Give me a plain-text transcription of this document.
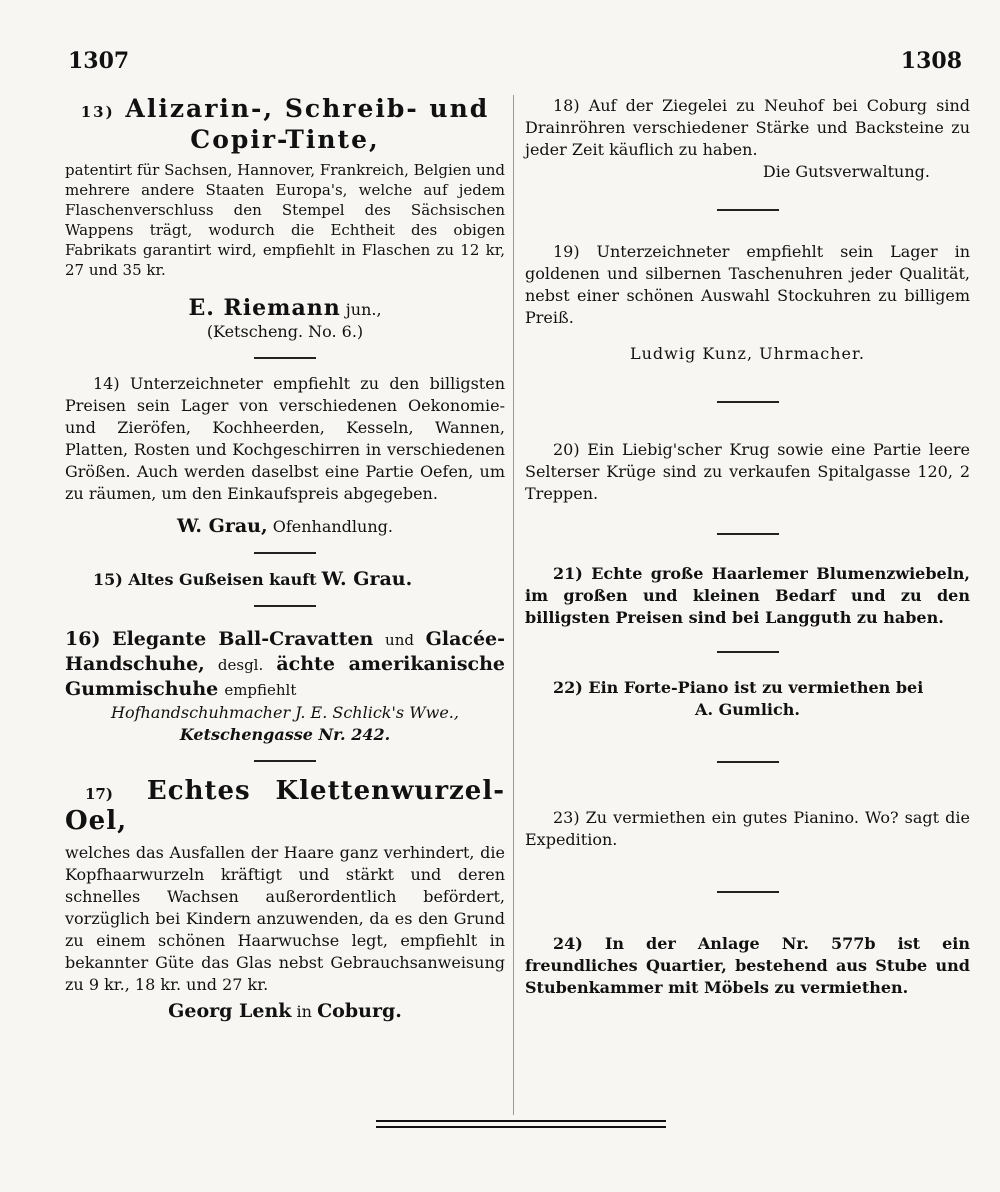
1307	1308
13) Alizarin-, Schreib- und
Copir-Tinte,

patentirt für Sachsen, Hannover, Frankreich, Belgien und mehrere andere Staaten Europa's, welche auf jedem Flaschenverschluss den Stempel des Sächsischen Wappens trägt, wodurch die Echtheit des obigen Fabrikats garantirt wird, empfiehlt in Flaschen zu 12 kr, 27 und 35 kr.

E. Riemann jun.,

(Ketscheng. No. 6.)

14) Unterzeichneter empfiehlt zu den billigsten Preisen sein Lager von verschiedenen Oekonomie- und Zieröfen, Kochheerden, Kesseln, Wannen, Platten, Rosten und Kochgeschirren in verschiedenen Größen. Auch werden daselbst eine Partie Oefen, um zu räumen, um den Einkaufspreis abgegeben.

W. Grau, Ofenhandlung.

15) Altes Gußeisen kauft W. Grau.

16) Elegante Ball-Cravatten und Glacée-Handschuhe, desgl. ächte amerikanische Gummischuhe empfiehlt

Hofhandschuhmacher J. E. Schlick's Wwe.,

Ketschengasse Nr. 242.

17) Echtes Klettenwurzel-Oel,

welches das Ausfallen der Haare ganz verhindert, die Kopfhaarwurzeln kräftigt und stärkt und deren schnelles Wachsen außerordentlich befördert, vorzüglich bei Kindern anzuwenden, da es den Grund zu einem schönen Haarwuchse legt, empfiehlt in bekannter Güte das Glas nebst Gebrauchsanweisung zu 9 kr., 18 kr. und 27 kr.

Georg Lenk in Coburg.

18) Auf der Ziegelei zu Neuhof bei Coburg sind Drainröhren verschiedener Stärke und Backsteine zu jeder Zeit käuflich zu haben.

Die Gutsverwaltung.

19) Unterzeichneter empfiehlt sein Lager in goldenen und silbernen Taschenuhren jeder Qualität, nebst einer schönen Auswahl Stockuhren zu billigem Preiß.

Ludwig Kunz, Uhrmacher.

20) Ein Liebig'scher Krug sowie eine Partie leere Selterser Krüge sind zu verkaufen Spitalgasse 120, 2 Treppen.

21) Echte große Haarlemer Blumenzwiebeln, im großen und kleinen Bedarf und zu den billigsten Preisen sind bei Langguth zu haben.

22) Ein Forte-Piano ist zu vermiethen bei

A. Gumlich.

23) Zu vermiethen ein gutes Pianino. Wo? sagt die Expedition.

24) In der Anlage Nr. 577b ist ein freundliches Quartier, bestehend aus Stube und Stubenkammer mit Möbels zu vermiethen.
